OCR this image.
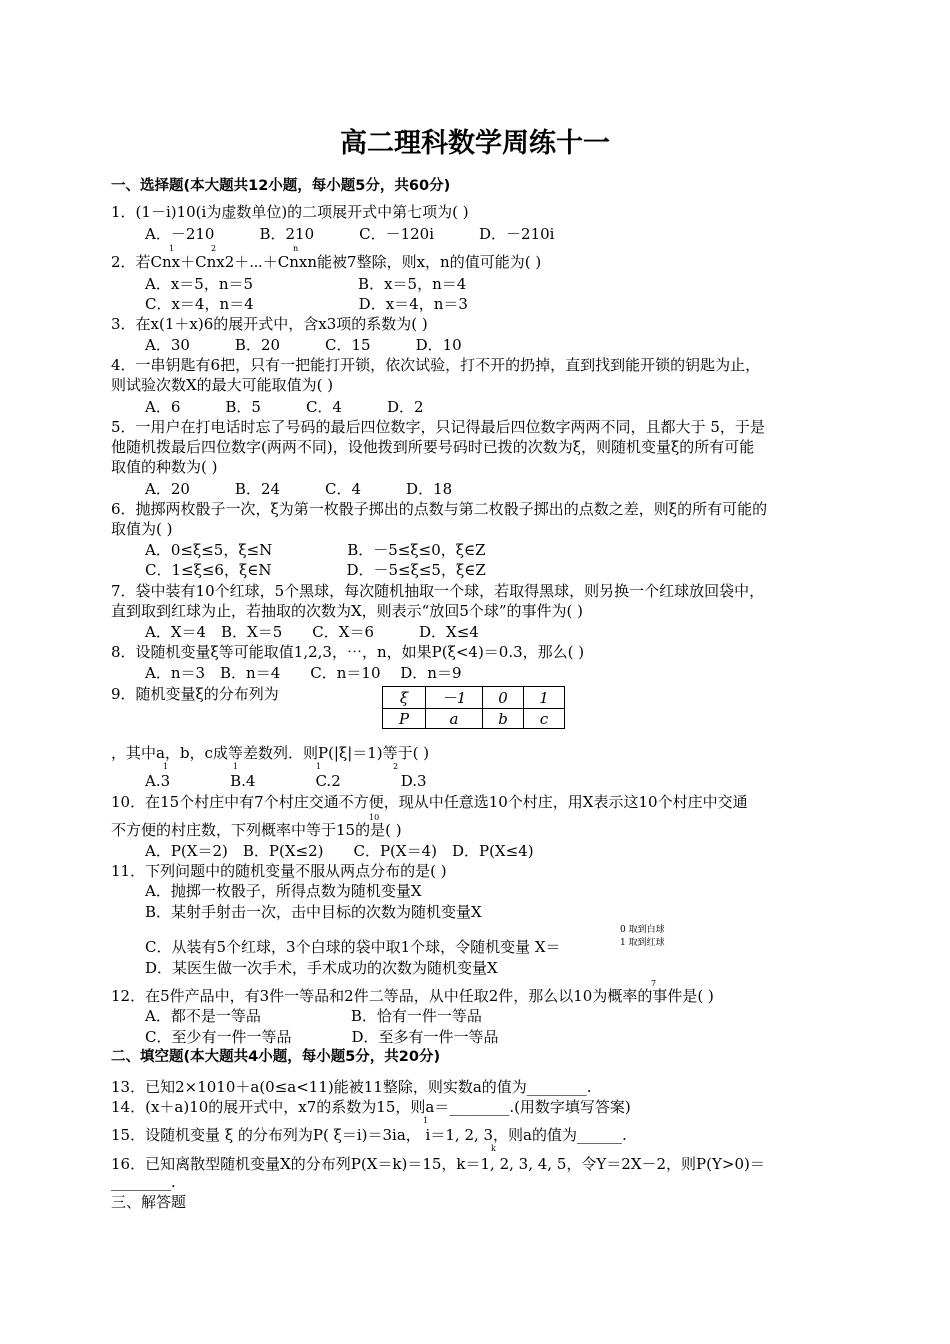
高二理科数学周练十一
一、选择题(本大题共12小题，每小题5分，共60分)
1．(1－i)10(i为虚数单位)的二项展开式中第七项为( )
A．－210　　　B．210　　　C．－120i　　　D．－210i
1	2	n
2．若Cnx＋Cnx2＋⋯＋Cnxn能被7整除，则x，n的值可能为( )
A．x＝5，n＝5　　　　　　　B．x＝5，n＝4
C．x＝4，n＝4　　　　　　　D．x＝4，n＝3
3．在x(1＋x)6的展开式中，含x3项的系数为( )
A．30　　　B．20　　　C．15　　　D．10
4．一串钥匙有6把，只有一把能打开锁，依次试验，打不开的扔掉，直到找到能开锁的钥匙为止，
则试验次数X的最大可能取值为( )
A．6　　　B．5　　　C．4　　　D．2
5．一用户在打电话时忘了号码的最后四位数字，只记得最后四位数字两两不同，且都大于 5，于是
他随机拨最后四位数字(两两不同)，设他拨到所要号码时已拨的次数为ξ，则随机变量ξ的所有可能
取值的种数为( )
A．20　　　B．24　　　C．4　　　D．18
6．抛掷两枚骰子一次，ξ为第一枚骰子掷出的点数与第二枚骰子掷出的点数之差，则ξ的所有可能的
取值为( )
A．0≤ξ≤5，ξ≤N　　　　　B．－5≤ξ≤0，ξ∈Z
C．1≤ξ≤6，ξ∈N　　　　　D．－5≤ξ≤5，ξ∈Z
7．袋中装有10个红球，5个黑球，每次随机抽取一个球，若取得黑球，则另换一个红球放回袋中，
直到取到红球为止，若抽取的次数为X，则表示“放回5个球”的事件为( )
A．X＝4　B．X＝5　　C．X＝6　　　D．X≤4
8．设随机变量ξ等可能取值1,2,3，⋯，n，如果P(ξ<4)＝0.3，那么( )
A．n＝3　B．n＝4　　C．n＝10　 D．n＝9
9．随机变量ξ的分布列为	ξ	－1	0	1
P	a	b	c
，其中a，b，c成等差数列．则P(|ξ|＝1)等于( )
1	1	1	2
A.3　　　　B.4　　　　C.2　　　　D.3
10．在15个村庄中有7个村庄交通不方便，现从中任意选10个村庄，用X表示这10个村庄中交通
10
不方便的村庄数，下列概率中等于15的是( )
A．P(X＝2)　B．P(X≤2)　　C．P(X＝4)　D．P(X≤4)
11．下列问题中的随机变量不服从两点分布的是( )
A．抛掷一枚骰子，所得点数为随机变量X
B．某射手射击一次，击中目标的次数为随机变量X
C．从装有5个红球，3个白球的袋中取1个球，令随机变量 X＝
0 取到白球
1 取到红球
D．某医生做一次手术，手术成功的次数为随机变量X
7
12．在5件产品中，有3件一等品和2件二等品，从中任取2件，那么以10为概率的事件是( )
A．都不是一等品　　　　　　B．恰有一件一等品
C．至少有一件一等品　　　　D．至多有一件一等品
二、填空题(本大题共4小题，每小题5分，共20分)
13．已知2×1010＋a(0≤a<11)能被11整除，则实数a的值为________.
14．(x＋a)10的展开式中，x7的系数为15，则a＝________.(用数字填写答案)
1
15．设随机变量 ξ 的分布列为P( ξ＝i)＝3ia， i＝1, 2, 3，则a的值为______.
k
16．已知离散型随机变量X的分布列P(X＝k)＝15，k＝1, 2, 3, 4, 5，令Y＝2X－2，则P(Y>0)＝
________.
三、解答题
